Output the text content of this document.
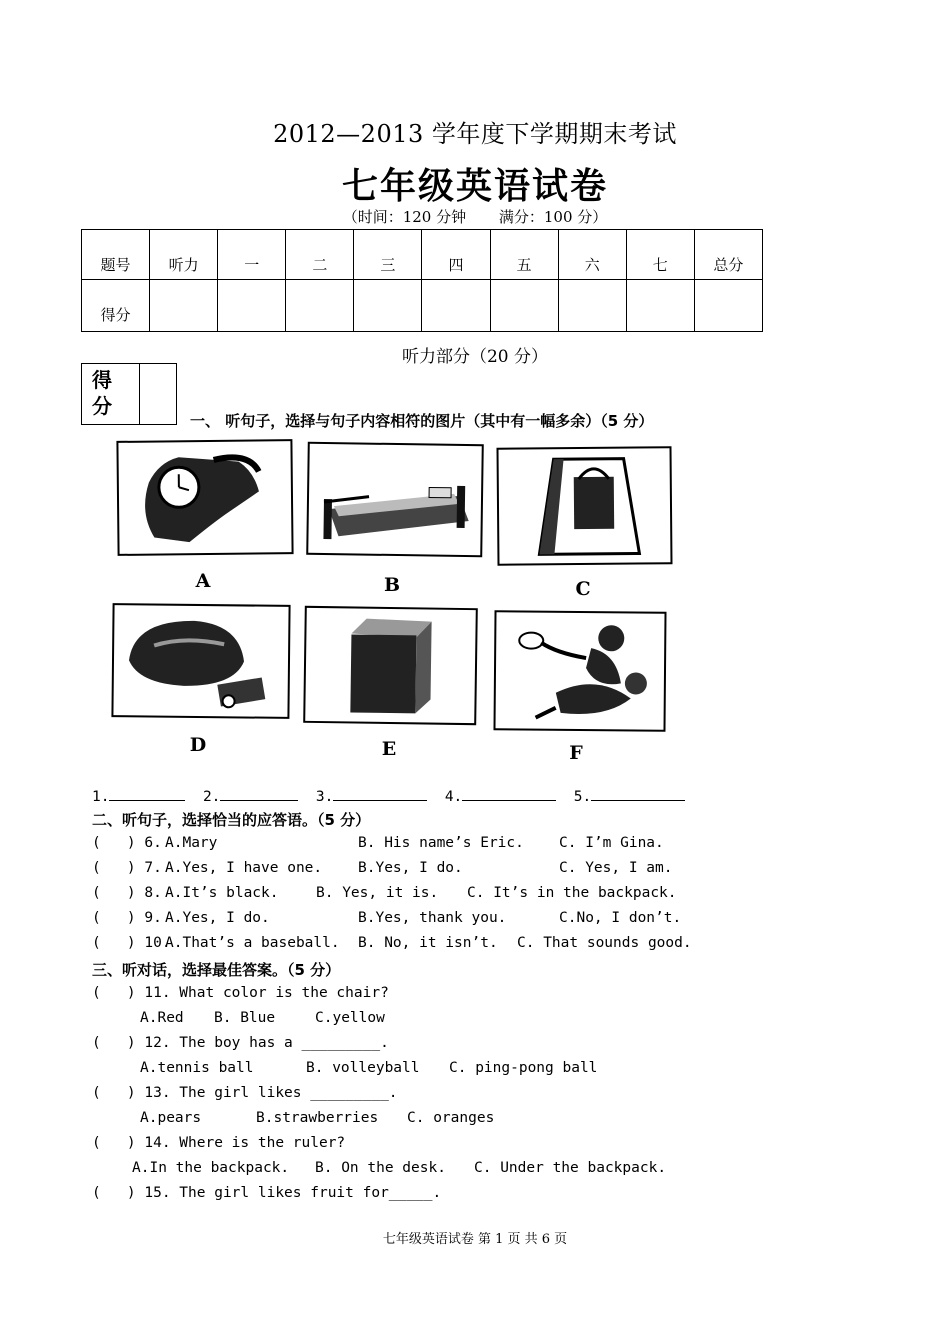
2012—2013 学年度下学期期末考试
七年级英语试卷
（时间：120 分钟 满分：100 分）
题号	听力	一	二	三	四	五	六	七	总分
得分									
听力部分（20 分）
得
分
一、 听句子，选择与句子内容相符的图片（其中有一幅多余）（5 分）
A	B	C
D	E	F
1.	2.	3.	4.	5.
二、听句子，选择恰当的应答语。（5 分）
(   ) 6. A.Mary	B. His name’s Eric. C. I’m Gina.
(   ) 7. A.Yes, I have one. B.Yes, I do.	C. Yes, I am.
(   ) 8. A.It’s black.	B. Yes, it is. C. It’s in the backpack.
(   ) 9. A.Yes, I do.	B.Yes, thank you.	C.No, I don’t.
(   ) 10.
A.That’s a baseball. B. No, it isn’t. C. That sounds good.
三、听对话，选择最佳答案。（5 分）
(   ) 11. What color is the chair?
A.Red B. Blue	C.yellow
(   ) 12. The boy has a _________.
A.tennis ball	B. volleyball C. ping-pong ball
(   ) 13. The girl likes _________.
A.pears	B.strawberries C. oranges
(   ) 14. Where is the ruler?
A.In the backpack. B. On the desk. C. Under the backpack.
(   ) 15. The girl likes fruit for_____.
七年级英语试卷 第 1 页 共 6 页
